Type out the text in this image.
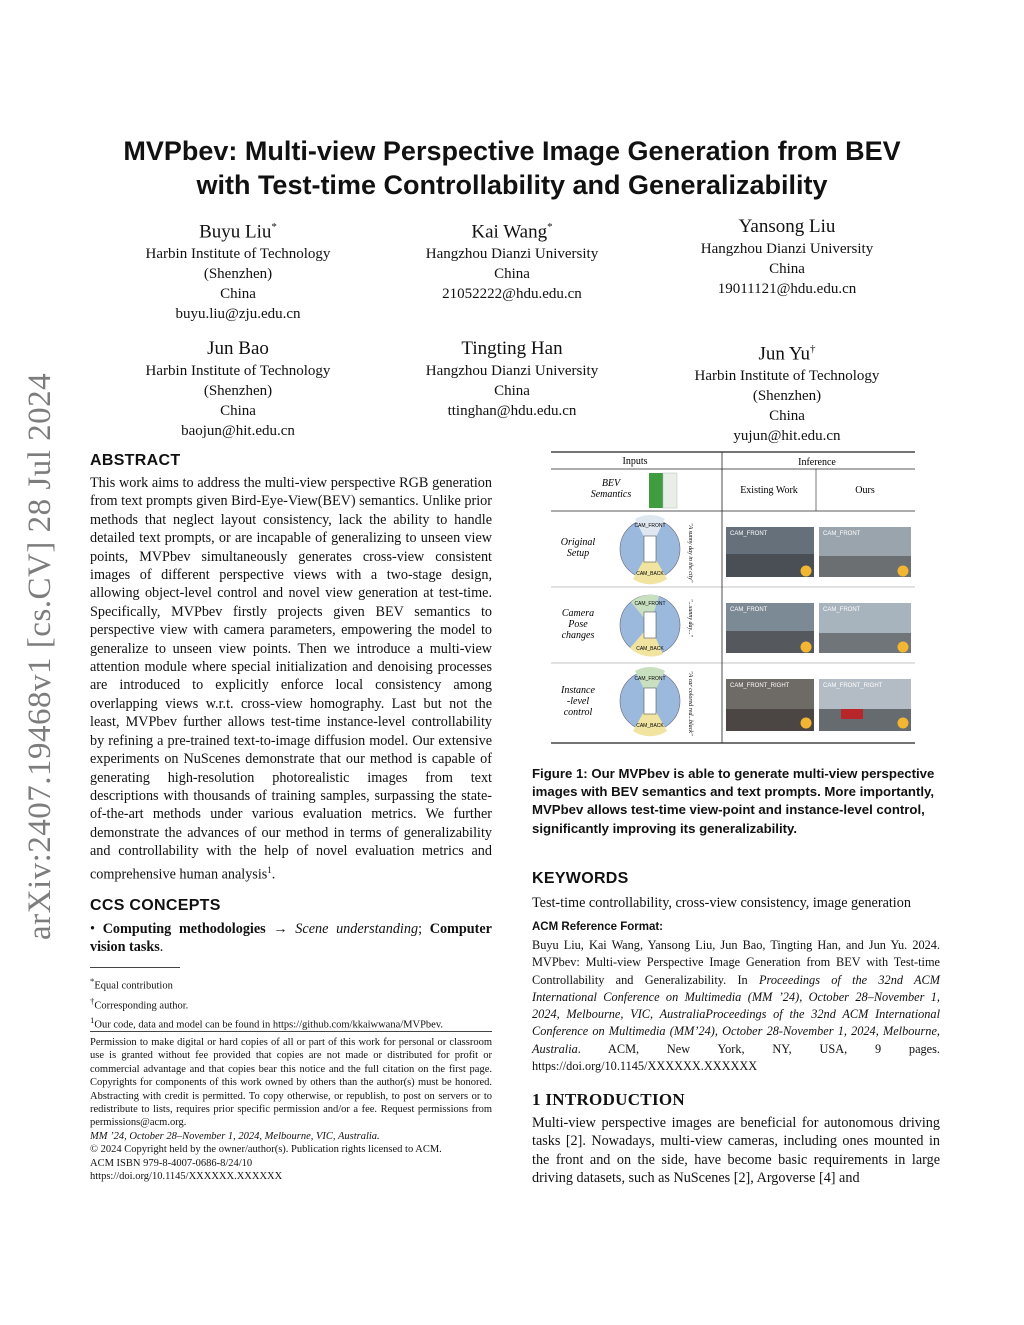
arXiv:2407.19468v1 [cs.CV] 28 Jul 2024
MVPbev: Multi-view Perspective Image Generation from BEV
with Test-time Controllability and Generalizability
Buyu Liu*
Harbin Institute of Technology
(Shenzhen)
China
buyu.liu@zju.edu.cn
Kai Wang*
Hangzhou Dianzi University
China
21052222@hdu.edu.cn
Yansong Liu
Hangzhou Dianzi University
China
19011121@hdu.edu.cn
Jun Bao
Harbin Institute of Technology
(Shenzhen)
China
baojun@hit.edu.cn
Tingting Han
Hangzhou Dianzi University
China
ttinghan@hdu.edu.cn
Jun Yu†
Harbin Institute of Technology
(Shenzhen)
China
yujun@hit.edu.cn
ABSTRACT
This work aims to address the multi-view perspective RGB generation from text prompts given Bird-Eye-View(BEV) semantics. Unlike prior methods that neglect layout consistency, lack the ability to handle detailed text prompts, or are incapable of generalizing to unseen view points, MVPbev simultaneously generates cross-view consistent images of different perspective views with a two-stage design, allowing object-level control and novel view generation at test-time. Specifically, MVPbev firstly projects given BEV semantics to perspective view with camera parameters, empowering the model to generalize to unseen view points. Then we introduce a multi-view attention module where special initialization and denoising processes are introduced to explicitly enforce local consistency among overlapping views w.r.t. cross-view homography. Last but not the least, MVPbev further allows test-time instance-level controllability by refining a pre-trained text-to-image diffusion model. Our extensive experiments on NuScenes demonstrate that our method is capable of generating high-resolution photorealistic images from text descriptions with thousands of training samples, surpassing the state-of-the-art methods under various evaluation metrics. We further demonstrate the advances of our method in terms of generalizability and controllability with the help of novel evaluation metrics and comprehensive human analysis$^1$.
CCS CONCEPTS
• Computing methodologies → Scene understanding; Computer vision tasks.
*Equal contribution
†Corresponding author.
$^1$Our code, data and model can be found in https://github.com/kkaiwwana/MVPbev.
Permission to make digital or hard copies of all or part of this work for personal or classroom use is granted without fee provided that copies are not made or distributed for profit or commercial advantage and that copies bear this notice and the full citation on the first page. Copyrights for components of this work owned by others than the author(s) must be honored. Abstracting with credit is permitted. To copy otherwise, or republish, to post on servers or to redistribute to lists, requires prior specific permission and/or a fee. Request permissions from permissions@acm.org.
MM ’24, October 28–November 1, 2024, Melbourne, VIC, Australia.
© 2024 Copyright held by the owner/author(s). Publication rights licensed to ACM.
ACM ISBN 979-8-4007-0686-8/24/10
https://doi.org/10.1145/XXXXXX.XXXXXX
Inputs	Inference
BEV
Semantics	Existing Work	Ours
Original
Setup
CAM_FRONT
CAM_BACK	"A sunny day in the city"	CAM_FRONT	CAM_FRONT
Camera
Pose
changes
CAM_FRONT
CAM_BACK
"...sunny day..."	CAM_FRONT	CAM_FRONT
Instance
-level
control
CAM_FRONT
CAM_BACK	"A car colored red...black"	CAM_FRONT_RIGHT	CAM_FRONT_RIGHT
Figure 1: Our MVPbev is able to generate multi-view perspective images with BEV semantics and text prompts. More importantly, MVPbev allows test-time view-point and instance-level control, significantly improving its generalizability.
KEYWORDS
Test-time controllability, cross-view consistency, image generation
ACM Reference Format:
Buyu Liu, Kai Wang, Yansong Liu, Jun Bao, Tingting Han, and Jun Yu. 2024. MVPbev: Multi-view Perspective Image Generation from BEV with Test-time Controllability and Generalizability. In Proceedings of the 32nd ACM International Conference on Multimedia (MM ’24), October 28–November 1, 2024, Melbourne, VIC, AustraliaProceedings of the 32nd ACM International Conference on Multimedia (MM’24), October 28-November 1, 2024, Melbourne, Australia. ACM, New York, NY, USA, 9 pages. https://doi.org/10.1145/XXXXXX.XXXXXX
1 INTRODUCTION
Multi-view perspective images are beneficial for autonomous driving tasks [2]. Nowadays, multi-view cameras, including ones mounted in the front and on the side, have become basic requirements in large driving datasets, such as NuScenes [2], Argoverse [4] and
